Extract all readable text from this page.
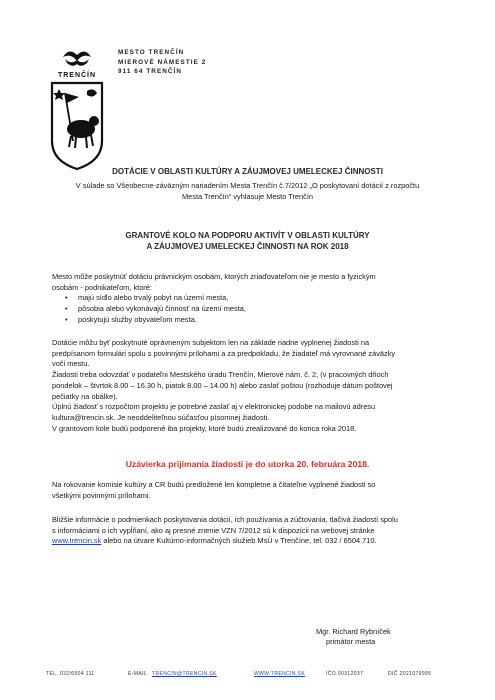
TRENČÍN
MESTO TRENČÍN
MIEROVÉ NÁMESTIE 2
911 64 TRENČÍN
DOTÁCIE V OBLASTI KULTÚRY A ZÁUJMOVEJ UMELECKEJ ČINNOSTI
V súlade so Všeobecne-záväzným nariadením Mesta Trenčín č.7/2012 „O poskytovaní dotácií z rozpočtu
Mesta Trenčín“ vyhlasuje Mesto Trenčín
GRANTOVÉ KOLO NA PODPORU AKTIVÍT V OBLASTI KULTÚRY
A ZÁUJMOVEJ UMELECKEJ ČINNOSTI NA ROK 2018
Mesto môže poskytnúť dotáciu právnickým osobám, ktorých zriaďovateľom nie je mesto a fyzickým
osobám - podnikateľom, ktoré:
• majú sídlo alebo trvalý pobyt na území mesta,
• pôsobia alebo vykonávajú činnosť na území mesta,
• poskytujú služby obyvateľom mesta.
Dotácie môžu byť poskytnuté oprávneným subjektom len na základe riadne vyplnenej žiadosti na
predpísanom formulári spolu s povinnými prílohami a za predpokladu, že žiadateľ má vyrovnané záväzky
voči mestu.
Žiadosti treba odovzdať v podateľni Mestského úradu Trenčín, Mierové nám. č. 2, (v pracovných dňoch
pondelok – štvrtok 8.00 – 16.30 h, piatok 8.00 – 14.00 h) alebo zaslať poštou (rozhoduje dátum poštovej
pečiatky na obálke).
Úplnú žiadosť s rozpočtom projektu je potrebné zaslať aj v elektronickej podobe na mailovú adresu
kultura@trencin.sk. Je neoddeliteľnou súčasťou písomnej žiadosti.
V grantovom kole budú podporené iba projekty, ktoré budú zrealizované do konca roka 2018.
Uzávierka prijímania žiadostí je do utorka 20. februára 2018.
Na rokovanie komisie kultúry a CR budú predložené len kompletne a čitateľne vyplnené žiadosti so
všetkými povinnými prílohami.
Bližšie informácie o podmienkach poskytovania dotácií, ich používania a zúčtovania, tlačivá žiadostí spolu
s informáciami o ich vypĺňaní, ako aj presné znenie VZN 7/2012 sú k dispozícii na webovej stránke
www.trencin.sk alebo na útvare Kultúrno-informačných služieb MsÚ v Trenčíne, tel. 032 / 6504 710.
Mgr. Richard Rybníček
primátor mesta
TEL. 032/6504 111	E-MAIL TRENCIN@TRENCIN.SK	WWW.TRENCIN.SK	IČO 00312037	DIČ 2021079995
